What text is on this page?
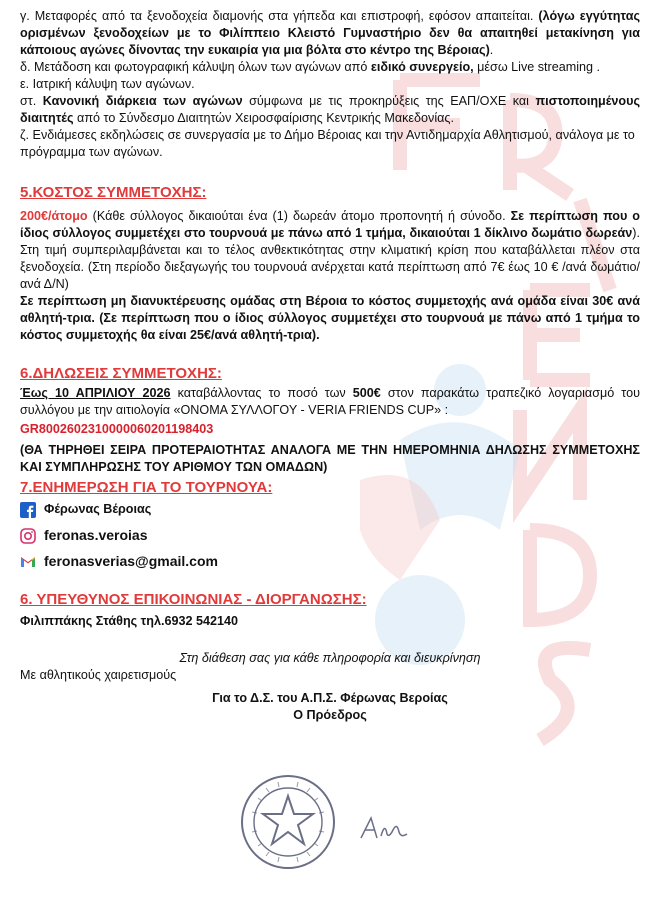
γ. Μεταφορές από τα ξενοδοχεία διαμονής στα γήπεδα και επιστροφή, εφόσον απαιτείται. (λόγω εγγύτητας ορισμένων ξενοδοχείων με το Φιλίππειο Κλειστό Γυμναστήριο δεν θα απαιτηθεί μετακίνηση για κάποιους αγώνες δίνοντας την ευκαιρία για μια βόλτα στο κέντρο της Βέροιας).

δ. Μετάδοση και φωτογραφική κάλυψη όλων των αγώνων από ειδικό συνεργείο, μέσω Live streaming .

ε. Ιατρική κάλυψη των αγώνων.

στ. Κανονική διάρκεια των αγώνων σύμφωνα με τις προκηρύξεις της ΕΑΠ/ΟΧΕ και πιστοποιημένους διαιτητές από το Σύνδεσμο Διαιτητών Χειροσφαίρισης Κεντρικής Μακεδονίας.

ζ. Ενδιάμεσες εκδηλώσεις σε συνεργασία με το Δήμο Βέροιας και την Αντιδημαρχία Αθλητισμού, ανάλογα με το πρόγραμμα των αγώνων.

5.ΚΟΣΤΟΣ ΣΥΜΜΕΤΟΧΗΣ:

200€/άτομο (Κάθε σύλλογος δικαιούται ένα (1) δωρεάν άτομο προπονητή ή σύνοδο. Σε περίπτωση που ο ίδιος σύλλογος συμμετέχει στο τουρνουά με πάνω από 1 τμήμα, δικαιούται 1 δίκλινο δωμάτιο δωρεάν). Στη τιμή συμπεριλαμβάνεται και το τέλος ανθεκτικότητας στην κλιματική κρίση που καταβάλλεται πλέον στα ξενοδοχεία. (Στη περίοδο διεξαγωγής του τουρνουά ανέρχεται κατά περίπτωση από 7€ έως 10 € /ανά δωμάτιο/ανά Δ/Ν)

Σε περίπτωση μη διανυκτέρευσης ομάδας στη Βέροια το κόστος συμμετοχής ανά ομάδα είναι 30€ ανά αθλητή-τρια. (Σε περίπτωση που ο ίδιος σύλλογος συμμετέχει στο τουρνουά με πάνω από 1 τμήμα το κόστος συμμετοχής θα είναι 25€/ανά αθλητή-τρια).

6.ΔΗΛΩΣΕΙΣ ΣΥΜΜΕΤΟΧΗΣ:

Έως 10 ΑΠΡΙΛΙΟΥ 2026 καταβάλλοντας το ποσό των 500€ στον παρακάτω τραπεζικό λογαριασμό του συλλόγου με την αιτιολογία «ΟΝΟΜΑ ΣΥΛΛΟΓΟΥ - VERIA FRIENDS CUP» :

GR8002602310000060201198403

(ΘΑ ΤΗΡΗΘΕΙ ΣΕΙΡΑ ΠΡΟΤΕΡΑΙΟΤΗΤΑΣ ΑΝΑΛΟΓΑ ΜΕ ΤΗΝ ΗΜΕΡΟΜΗΝΙΑ ΔΗΛΩΣΗΣ ΣΥΜΜΕΤΟΧΗΣ ΚΑΙ ΣΥΜΠΛΗΡΩΣΗΣ ΤΟΥ ΑΡΙΘΜΟΥ ΤΩΝ ΟΜΑΔΩΝ)

7.ΕΝΗΜΕΡΩΣΗ ΓΙΑ ΤΟ ΤΟΥΡΝΟΥΑ:
Φέρωνας Βέροιας
feronas.veroias
feronasverias@gmail.com
6. ΥΠΕΥΘΥΝΟΣ ΕΠΙΚΟΙΝΩΝΙΑΣ - ΔΙΟΡΓΑΝΩΣΗΣ:

Φιλιππάκης Στάθης τηλ.6932 542140

Στη διάθεση σας για κάθε πληροφορία και διευκρίνηση

Με αθλητικούς χαιρετισμούς

Για το Δ.Σ. του Α.Π.Σ. Φέρωνας Βεροίας

Ο Πρόεδρος
